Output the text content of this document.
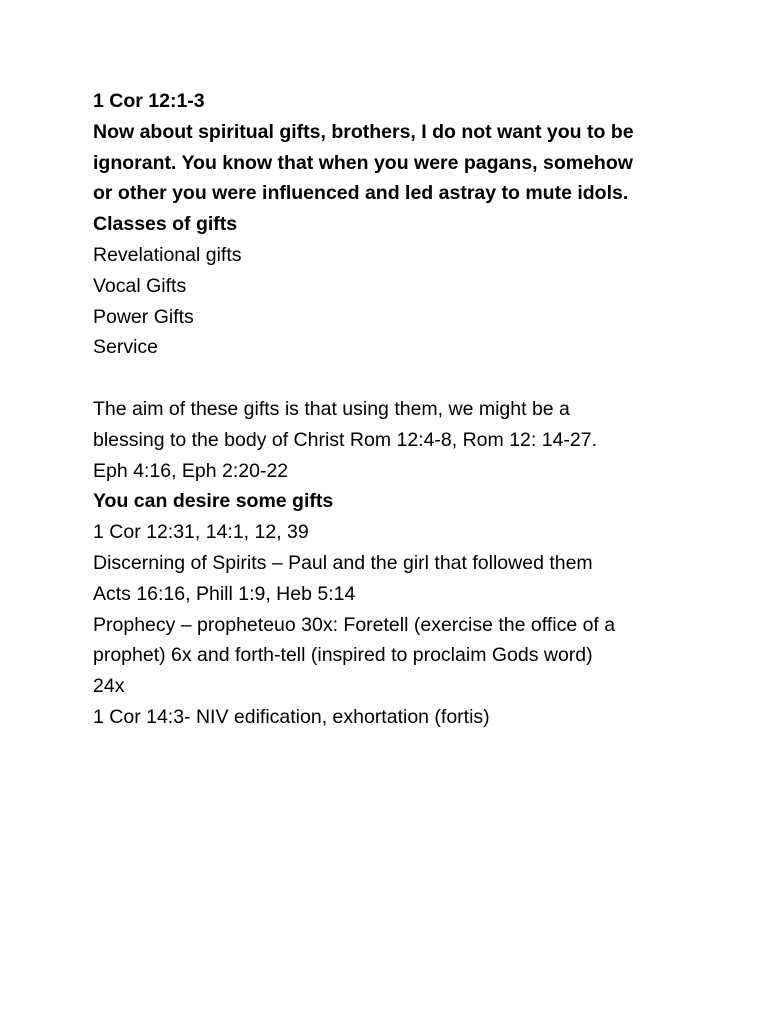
1 Cor 12:1-3
Now about spiritual gifts, brothers, I do not want you to be
ignorant. You know that when you were pagans, somehow
or other you were influenced and led astray to mute idols.
Classes of gifts
Revelational gifts
Vocal Gifts
Power Gifts
Service
The aim of these gifts is that using them, we might be a
blessing to the body of Christ Rom 12:4-8, Rom 12: 14-27.
Eph 4:16, Eph 2:20-22
You can desire some gifts
1 Cor 12:31, 14:1, 12, 39
Discerning of Spirits – Paul and the girl that followed them
Acts 16:16, Phill 1:9, Heb 5:14
Prophecy – propheteuo 30x: Foretell (exercise the office of a
prophet) 6x and forth-tell (inspired to proclaim Gods word)
24x
1 Cor 14:3- NIV edification, exhortation (fortis)
